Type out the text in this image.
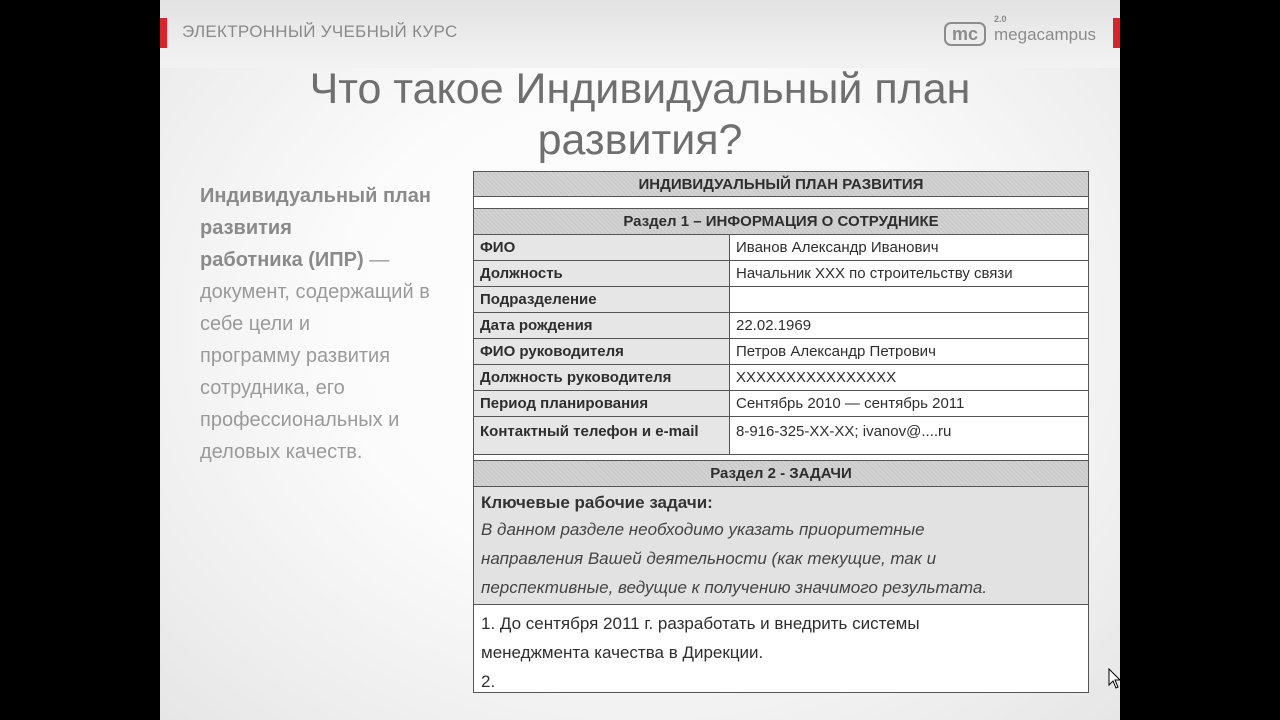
ЭЛЕКТРОННЫЙ УЧЕБНЫЙ КУРС	mc
2.0
megacampus
Что такое Индивидуальный план
развития?
Индивидуальный план
развития
работника (ИПР) —
документ, содержащий в
себе цели и
программу развития
сотрудника, его
профессиональных и
деловых качеств.
ИНДИВИДУАЛЬНЫЙ ПЛАН РАЗВИТИЯ
Раздел 1 – ИНФОРМАЦИЯ О СОТРУДНИКЕ
ФИО	Иванов Александр Иванович
Должность	Начальник ХХХ по строительству связи
Подразделение
Дата рождения	22.02.1969
ФИО руководителя	Петров Александр Петрович
Должность руководителя	XXXXXXXXXXXXXXXX
Период планирования	Сентябрь 2010 — сентябрь 2011
Контактный телефон и e-mail	8-916-325-ХХ-ХХ; ivanov@....ru
Раздел 2 - ЗАДАЧИ
Ключевые рабочие задачи:
В данном разделе необходимо указать приоритетные
направления Вашей деятельности (как текущие, так и
перспективные, ведущие к получению значимого результата.
1. До сентября 2011 г. разработать и внедрить системы
менеджмента качества в Дирекции.
2.
